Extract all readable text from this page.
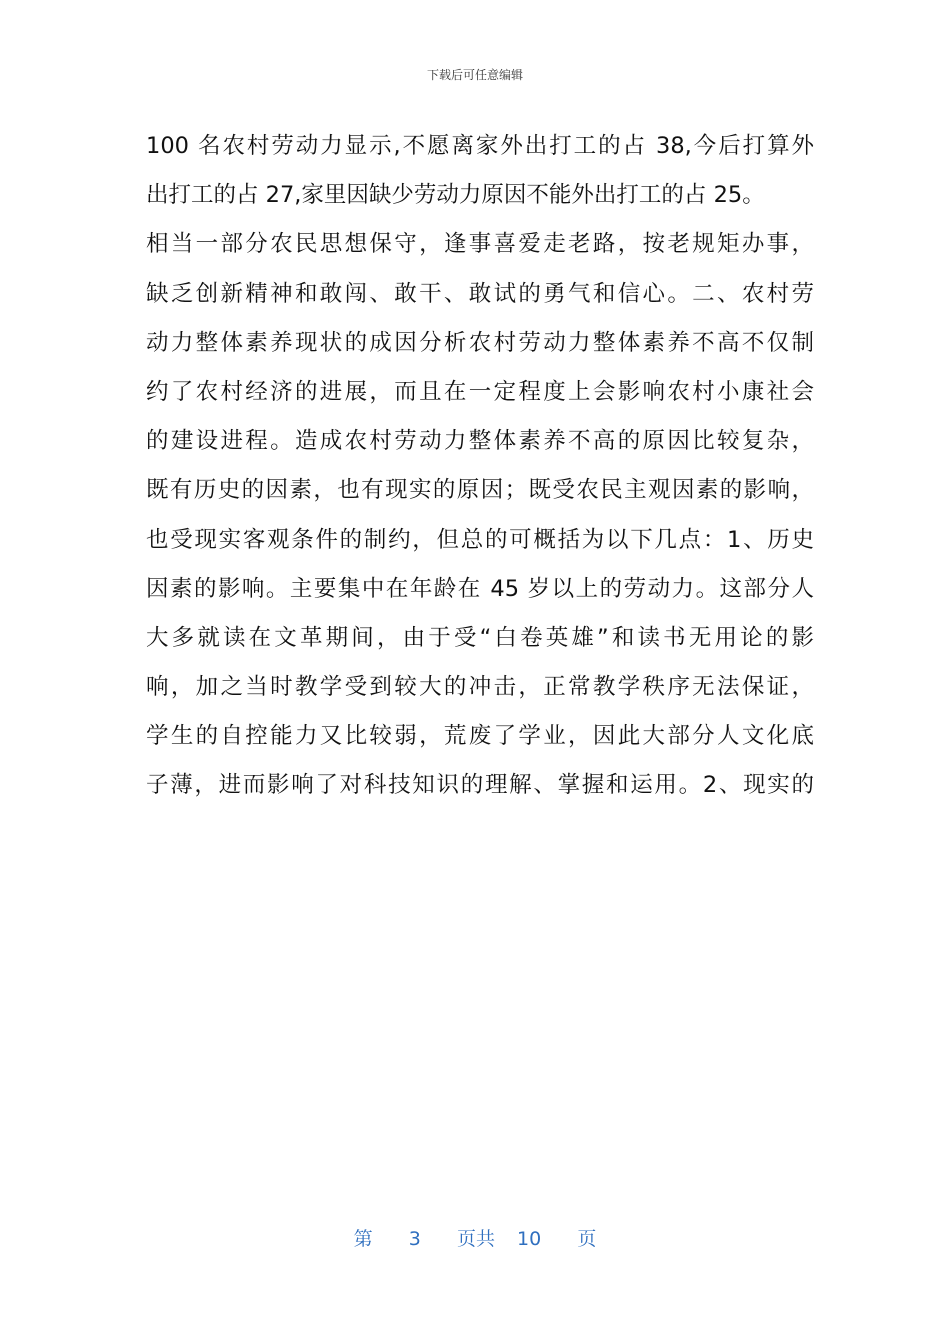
下载后可任意编辑
100 名农村劳动力显示,不愿离家外出打工的占 38,今后打算外
出打工的占 27,家里因缺少劳动力原因不能外出打工的占 25。
相当一部分农民思想保守，逢事喜爱走老路，按老规矩办事，
缺乏创新精神和敢闯、敢干、敢试的勇气和信心。二、农村劳
动力整体素养现状的成因分析农村劳动力整体素养不高不仅制
约了农村经济的进展，而且在一定程度上会影响农村小康社会
的建设进程。造成农村劳动力整体素养不高的原因比较复杂，
既有历史的因素，也有现实的原因；既受农民主观因素的影响，
也受现实客观条件的制约，但总的可概括为以下几点：1、历史
因素的影响。主要集中在年龄在 45 岁以上的劳动力。这部分人
大多就读在文革期间，由于受“白卷英雄”和读书无用论的影
响，加之当时教学受到较大的冲击，正常教学秩序无法保证，
学生的自控能力又比较弱，荒废了学业，因此大部分人文化底
子薄，进而影响了对科技知识的理解、掌握和运用。2、现实的
第 3 页共 10 页
